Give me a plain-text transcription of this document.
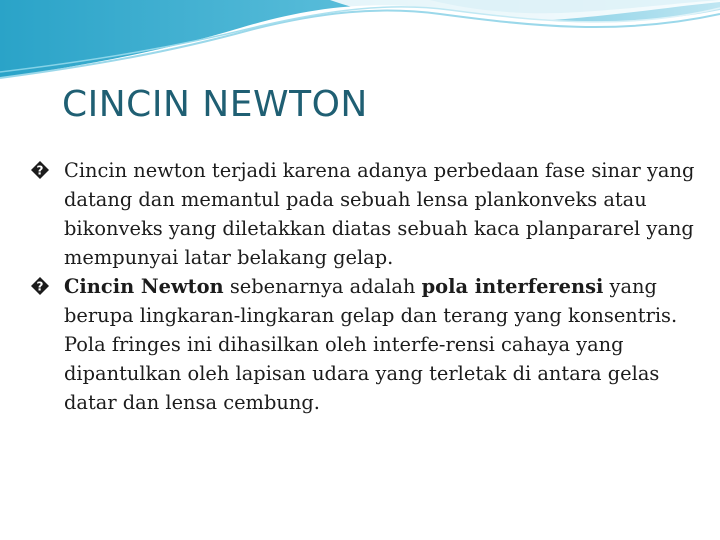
CINCIN NEWTON

? Cincin newton terjadi karena adanya perbedaan fase sinar yang datang dan memantul pada sebuah lensa plankonveks atau bikonveks yang diletakkan diatas sebuah kaca planpararel yang mempunyai latar belakang gelap.

? Cincin Newton sebenarnya adalah pola interferensi yang berupa lingkaran-lingkaran gelap dan terang yang konsentris. Pola fringes ini dihasilkan oleh interfe-rensi cahaya yang dipantulkan oleh lapisan udara yang terletak di antara gelas datar dan lensa cembung.
